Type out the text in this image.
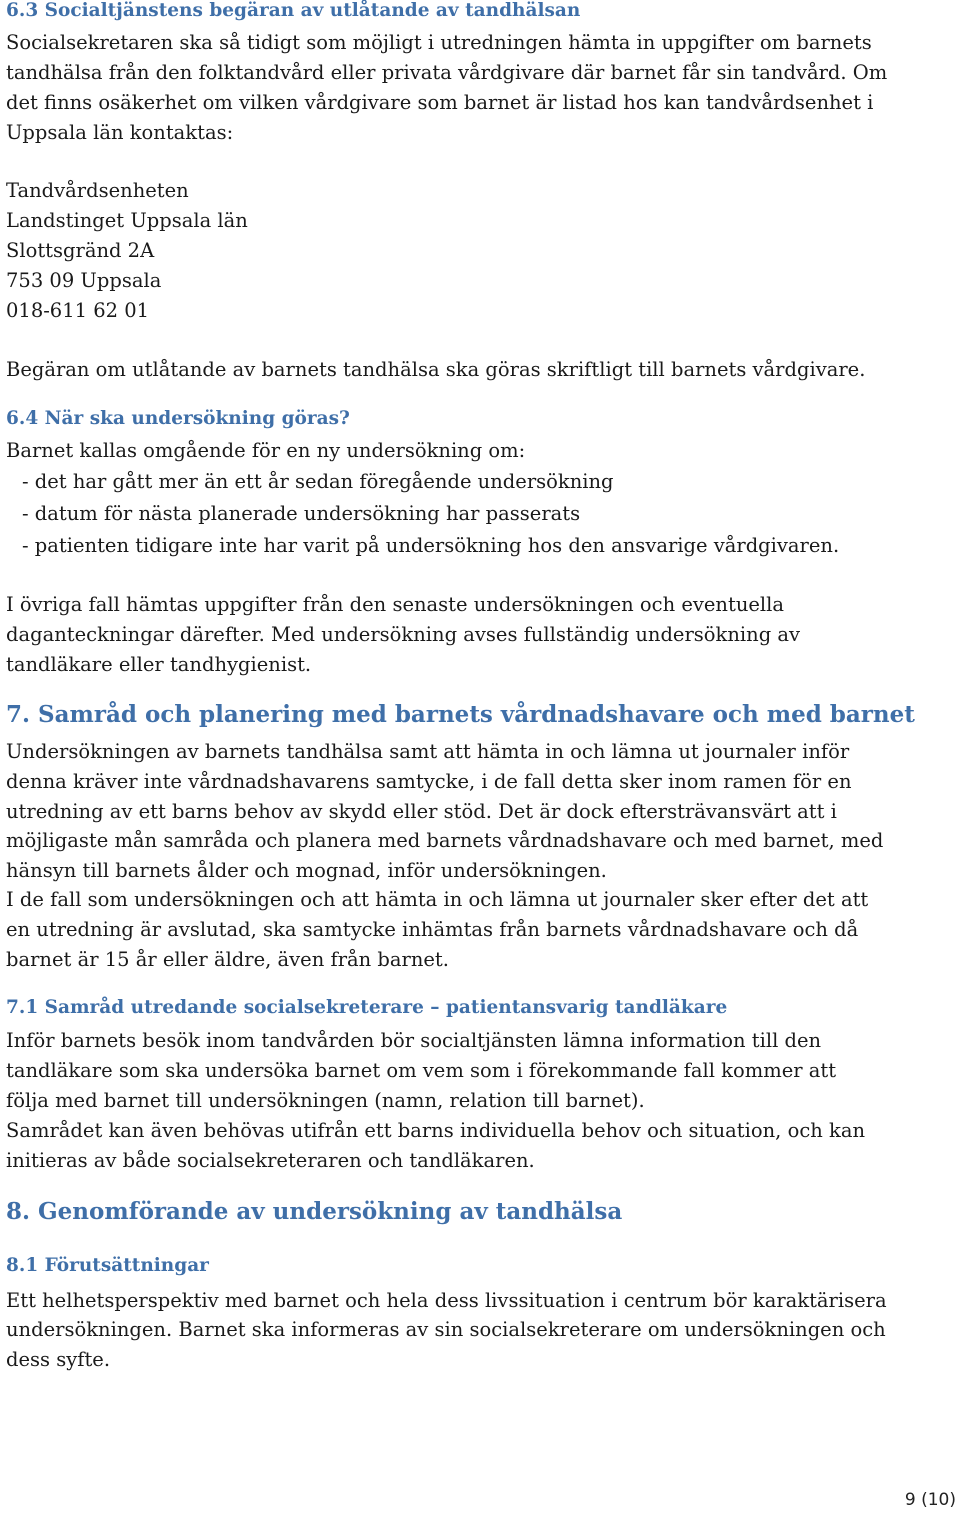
6.3 Socialtjänstens begäran av utlåtande av tandhälsan
Socialsekretaren ska så tidigt som möjligt i utredningen hämta in uppgifter om barnets
tandhälsa från den folktandvård eller privata vårdgivare där barnet får sin tandvård. Om
det finns osäkerhet om vilken vårdgivare som barnet är listad hos kan tandvårdsenhet i
Uppsala län kontaktas:
Tandvårdsenheten
Landstinget Uppsala län
Slottsgränd 2A
753 09 Uppsala
018-611 62 01
Begäran om utlåtande av barnets tandhälsa ska göras skriftligt till barnets vårdgivare.
6.4 När ska undersökning göras?
Barnet kallas omgående för en ny undersökning om:
- det har gått mer än ett år sedan föregående undersökning
- datum för nästa planerade undersökning har passerats
- patienten tidigare inte har varit på undersökning hos den ansvarige vårdgivaren.
I övriga fall hämtas uppgifter från den senaste undersökningen och eventuella
daganteckningar därefter. Med undersökning avses fullständig undersökning av
tandläkare eller tandhygienist.
7. Samråd och planering med barnets vårdnadshavare och med barnet
Undersökningen av barnets tandhälsa samt att hämta in och lämna ut journaler inför
denna kräver inte vårdnadshavarens samtycke, i de fall detta sker inom ramen för en
utredning av ett barns behov av skydd eller stöd. Det är dock eftersträvansvärt att i
möjligaste mån samråda och planera med barnets vårdnadshavare och med barnet, med
hänsyn till barnets ålder och mognad, inför undersökningen.
I de fall som undersökningen och att hämta in och lämna ut journaler sker efter det att
en utredning är avslutad, ska samtycke inhämtas från barnets vårdnadshavare och då
barnet är 15 år eller äldre, även från barnet.
7.1 Samråd utredande socialsekreterare – patientansvarig tandläkare
Inför barnets besök inom tandvården bör socialtjänsten lämna information till den
tandläkare som ska undersöka barnet om vem som i förekommande fall kommer att
följa med barnet till undersökningen (namn, relation till barnet).
Samrådet kan även behövas utifrån ett barns individuella behov och situation, och kan
initieras av både socialsekreteraren och tandläkaren.
8. Genomförande av undersökning av tandhälsa
8.1 Förutsättningar
Ett helhetsperspektiv med barnet och hela dess livssituation i centrum bör karaktärisera
undersökningen. Barnet ska informeras av sin socialsekreterare om undersökningen och
dess syfte.
9 (10)
